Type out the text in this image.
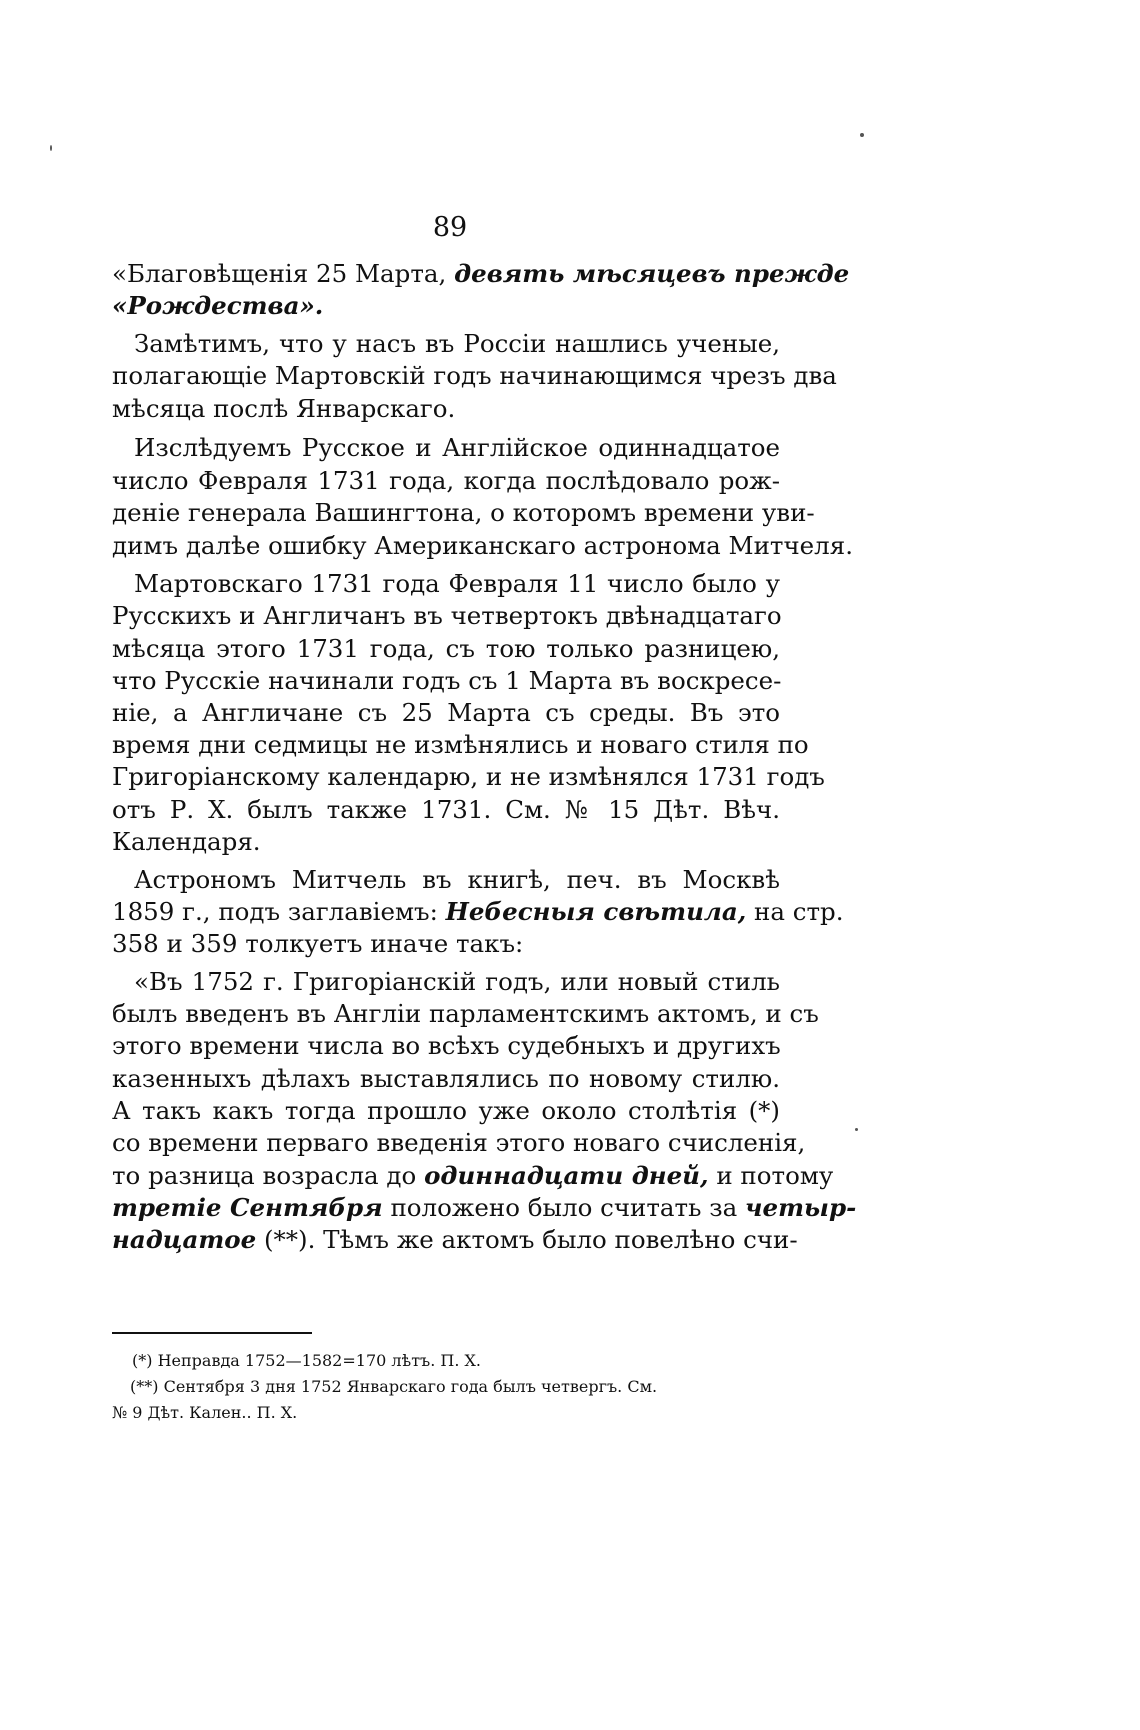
89
«Благовѣщенія 25 Марта, девять мѣсяцевъ прежде
«Рождества».
Замѣтимъ, что у насъ въ Россіи нашлись ученые,
полагающіе Мартовскій годъ начинающимся чрезъ два
мѣсяца послѣ Январскаго.
Изслѣдуемъ Русское и Англійское одиннадцатое
число Февраля 1731 года, когда послѣдовало рож-
деніе генерала Вашингтона, о которомъ времени уви-
димъ далѣе ошибку Американскаго астронома Митчеля.
Мартовскаго 1731 года Февраля 11 число было у
Русскихъ и Англичанъ въ четвертокъ двѣнадцатаго
мѣсяца этого 1731 года, съ тою только разницею,
что Русскіе начинали годъ съ 1 Марта въ воскресе-
ніе, а Англичане съ 25 Марта съ среды. Въ это
время дни седмицы не измѣнялись и новаго стиля по
Григоріанскому календарю, и не измѣнялся 1731 годъ
отъ Р. Х. былъ также 1731. См. № 15 Дѣт. Вѣч.
Календаря.
Астрономъ Митчель въ книгѣ, печ. въ Москвѣ
1859 г., подъ заглавіемъ: Небесныя свѣтила, на стр.
358 и 359 толкуетъ иначе такъ:
«Въ 1752 г. Григоріанскій годъ, или новый стиль
былъ введенъ въ Англіи парламентскимъ актомъ, и съ
этого времени числа во всѣхъ судебныхъ и другихъ
казенныхъ дѣлахъ выставлялись по новому стилю.
А такъ какъ тогда прошло уже около столѣтія (*)
со времени перваго введенія этого новаго счисленія,
то разница возрасла до одиннадцати дней, и потому
третіе Сентября положено было считать за четыр-
надцатое (**). Тѣмъ же актомъ было повелѣно счи-
(*) Неправда 1752—1582=170 лѣтъ. П. Х.
(**) Сентября 3 дня 1752 Январскаго года былъ четвергъ. См.
№ 9 Дѣт. Кален.. П. Х.
